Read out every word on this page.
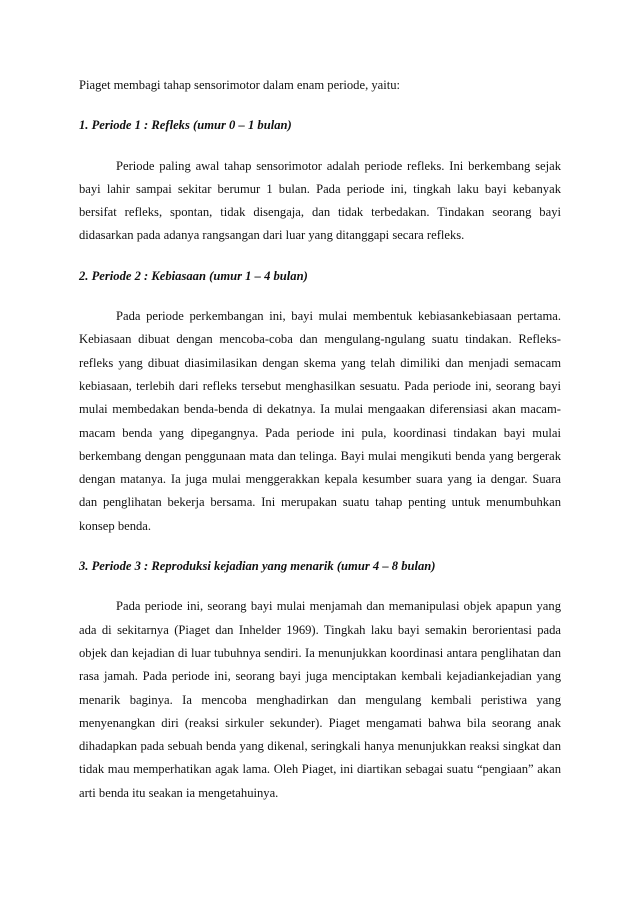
Piaget membagi tahap sensorimotor dalam enam periode, yaitu:

1. Periode 1 : Refleks (umur 0 – 1 bulan)

Periode paling awal tahap sensorimotor adalah periode refleks. Ini berkembang sejak bayi lahir sampai sekitar berumur 1 bulan. Pada periode ini, tingkah laku bayi kebanyak bersifat refleks, spontan, tidak disengaja, dan tidak terbedakan. Tindakan seorang bayi didasarkan pada adanya rangsangan dari luar yang ditanggapi secara refleks.

2. Periode 2 : Kebiasaan (umur 1 – 4 bulan)

Pada periode perkembangan ini, bayi mulai membentuk kebiasankebiasaan pertama. Kebiasaan dibuat dengan mencoba-coba dan mengulang-ngulang suatu tindakan. Refleks-refleks yang dibuat diasimilasikan dengan skema yang telah dimiliki dan menjadi semacam kebiasaan, terlebih dari refleks tersebut menghasilkan sesuatu. Pada periode ini, seorang bayi mulai membedakan benda-benda di dekatnya. Ia mulai mengaakan diferensiasi akan macam-macam benda yang dipegangnya. Pada periode ini pula, koordinasi tindakan bayi mulai berkembang dengan penggunaan mata dan telinga. Bayi mulai mengikuti benda yang bergerak dengan matanya. Ia juga mulai menggerakkan kepala kesumber suara yang ia dengar. Suara dan penglihatan bekerja bersama. Ini merupakan suatu tahap penting untuk menumbuhkan konsep benda.

3. Periode 3 : Reproduksi kejadian yang menarik (umur 4 – 8 bulan)

Pada periode ini, seorang bayi mulai menjamah dan memanipulasi objek apapun yang ada di sekitarnya (Piaget dan Inhelder 1969). Tingkah laku bayi semakin berorientasi pada objek dan kejadian di luar tubuhnya sendiri. Ia menunjukkan koordinasi antara penglihatan dan rasa jamah. Pada periode ini, seorang bayi juga menciptakan kembali kejadiankejadian yang menarik baginya. Ia mencoba menghadirkan dan mengulang kembali peristiwa yang menyenangkan diri (reaksi sirkuler sekunder). Piaget mengamati bahwa bila seorang anak dihadapkan pada sebuah benda yang dikenal, seringkali hanya menunjukkan reaksi singkat dan tidak mau memperhatikan agak lama. Oleh Piaget, ini diartikan sebagai suatu “pengiaan” akan arti benda itu seakan ia mengetahuinya.
